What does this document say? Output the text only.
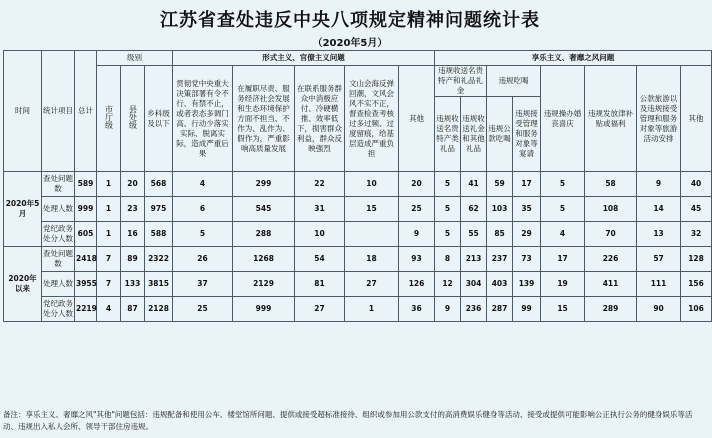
江苏省查处违反中央八项规定精神问题统计表
（2020年5月）
时间	统计项目	总计	级别			形式主义、官僚主义问题					享乐主义、奢靡之风问题							
						贯彻党中央重大决策部署有令不行、有禁不止，或者表态多调门高、行动少落实实际、脱离实际，造成严重后果	在履职尽责、服务经济社会发展和生态环境保护方面不担当、不作为、乱作为、假作为，严重影响高质量发展	在联系服务群众中消极应付、冷硬横推、效率低下，损害群众利益，群众反映强烈	文山会海反弹回潮，文风会风不实不正，督查检查考核过多过频、过度留痕，给基层造成严重负担	其他	违规收送名贵特产和礼品礼金		违规吃喝		违规操办婚丧喜庆	违规发放津补贴或福利	公款旅游以及违规接受管理和服务对象等旅游活动安排	其他
			市厅级	县处级	乡科级及以下													
											违规收送名贵特产类礼品	违规收送礼金和其他礼品	违规公款吃喝	违规接受管理和服务对象等宴请				
2020年5月	查处问题数	589	1	20	568	4	299	22	10	20	5	41	59	17	5	58	9	40
	处理人数	999	1	23	975	6	545	31	15	25	5	62	103	35	5	108	14	45
	党纪政务处分人数	605	1	16	588	5	288	10		9	5	55	85	29	4	70	13	32
2020年以来	查处问题数	2418	7	89	2322	26	1268	54	18	93	8	213	237	73	17	226	57	128
	处理人数	3955	7	133	3815	37	2129	81	27	126	12	304	403	139	19	411	111	156
	党纪政务处分人数	2219	4	87	2128	25	999	27	1	36	9	236	287	99	15	289	90	106
备注：享乐主义、奢靡之风"其他"问题包括：违规配备和使用公车、楼堂馆所问题、提供或接受超标准接待、组织或参加用公款支付的高消费娱乐健身等活动、接受或提供可能影响公正执行公务的健身娱乐等活动、违规出入私人会所、领导干部住房违规。
